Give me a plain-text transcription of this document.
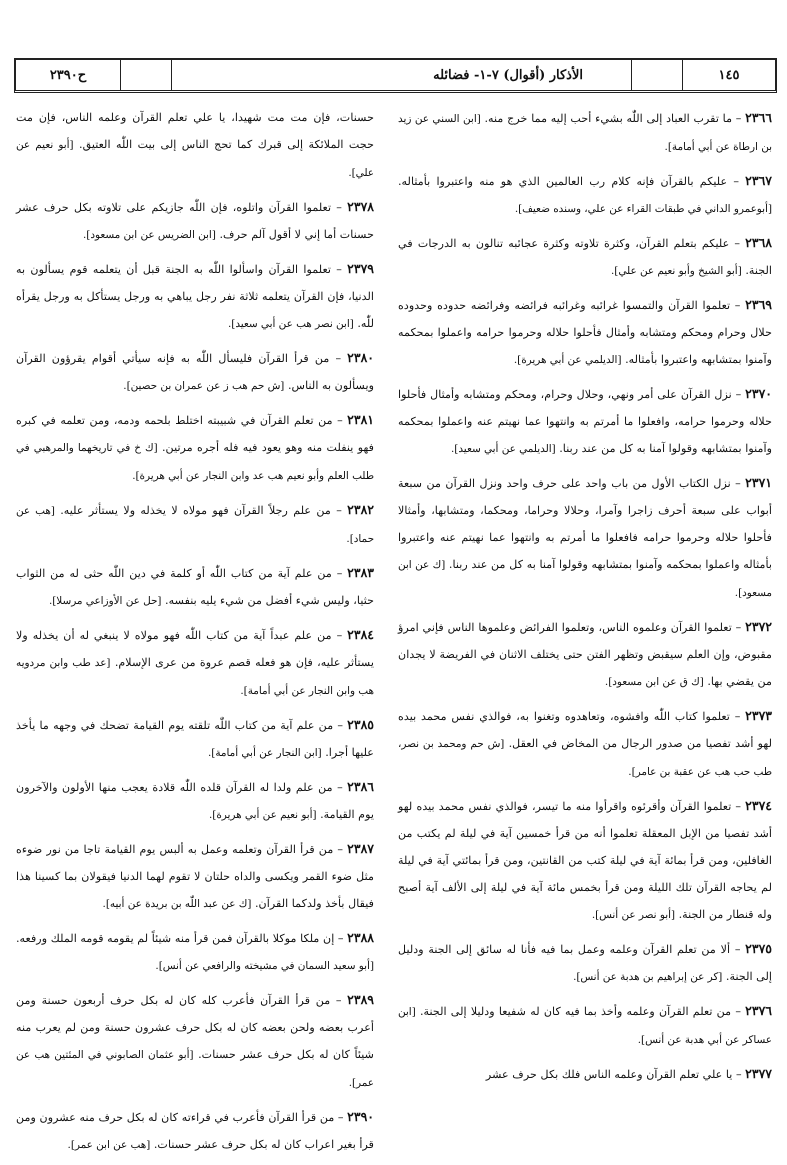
١٤٥
الأذكار (أقوال) ٧-١- فضائله
ح٢٣٩٠
٢٣٦٦ – ما تقرب العباد إلى اللّٰه بشيء أحب إليه مما خرج منه. [ابن السني عن زيد بن ارطاة عن أبي أمامة].
٢٣٦٧ – عليكم بالقرآن فإنه كلام رب العالمين الذي هو منه واعتبروا بأمثاله. [أبوعمرو الداني في طبقات القراء عن علي، وسنده ضعيف].
٢٣٦٨ – عليكم بتعلم القرآن، وكثرة تلاوته وكثرة عجائبه تنالون به الدرجات في الجنة. [أبو الشيخ وأبو نعيم عن علي].
٢٣٦٩ – تعلموا القرآن والتمسوا غرائبه وغرائبه فرائضه وفرائضه حدوده وحدوده حلال وحرام ومحكم ومتشابه وأمثال فأحلوا حلاله وحرموا حرامه واعملوا بمحكمه وآمنوا بمتشابهه واعتبروا بأمثاله. [الديلمي عن أبي هريرة].
٢٣٧٠ – نزل القرآن على أمر ونهي، وحلال وحرام، ومحكم ومتشابه وأمثال فأحلوا حلاله وحرموا حرامه، وافعلوا ما أمرتم به وانتهوا عما نهيتم عنه واعملوا بمحكمه وآمنوا بمتشابهه وقولوا آمنا به كل من عند ربنا. [الديلمي عن أبي سعيد].
٢٣٧١ – نزل الكتاب الأول من باب واحد على حرف واحد ونزل القرآن من سبعة أبواب على سبعة أحرف زاجرا وآمرا، وحلالا وحراما، ومحكما، ومتشابها، وأمثالا فأحلوا حلاله وحرموا حرامه فافعلوا ما أمرتم به وانتهوا عما نهيتم عنه واعتبروا بأمثاله واعملوا بمحكمه وآمنوا بمتشابهه وقولوا آمنا به كل من عند ربنا. [ك عن ابن مسعود].
٢٣٧٢ – تعلموا القرآن وعلموه الناس، وتعلموا الفرائض وعلموها الناس فإني امرؤ مقبوض، وإن العلم سيقبض وتظهر الفتن حتى يختلف الاثنان في الفريضة لا يجدان من يقضي بها. [ك ق عن ابن مسعود].
٢٣٧٣ – تعلموا كتاب اللّٰه وافشوه، وتعاهدوه وتغنوا به، فوالذي نفس محمد بيده لهو أشد تفصيا من صدور الرجال من المخاض في العقل. [ش حم ومحمد بن نصر، طب حب هب عن عقبة بن عامر].
٢٣٧٤ – تعلموا القرآن وأقرئوه واقرأوا منه ما تيسر، فوالذي نفس محمد بيده لهو أشد تفصيا من الإبل المعقلة تعلموا أنه من قرأ خمسين آية في ليلة لم يكتب من الغافلين، ومن قرأ بمائة آية في ليلة كتب من القانتين، ومن قرأ بمائتي آية في ليلة لم يحاجه القرآن تلك الليلة ومن قرأ بخمس مائة آية في ليلة إلى الألف آية أصبح وله قنطار من الجنة. [أبو نصر عن أنس].
٢٣٧٥ – ألا من تعلم القرآن وعلمه وعمل بما فيه فأنا له سائق إلى الجنة ودليل إلى الجنة. [كر عن إبراهيم بن هدبة عن أنس].
٢٣٧٦ – من تعلم القرآن وعلمه وأخذ بما فيه كان له شفيعا ودليلا إلى الجنة. [ابن عساكر عن أبي هدبة عن أنس].
٢٣٧٧ – يا علي تعلم القرآن وعلمه الناس فلك بكل حرف عشر
حسنات، فإن مت مت شهيدا، يا علي تعلم القرآن وعلمه الناس، فإن مت حجت الملائكة إلى قبرك كما تحج الناس إلى بيت اللّٰه العتيق. [أبو نعيم عن علي].
٢٣٧٨ – تعلموا القرآن واتلوه، فإن اللّٰه جازيكم على تلاوته بكل حرف عشر حسنات أما إني لا أقول آلم حرف. [ابن الضريس عن ابن مسعود].
٢٣٧٩ – تعلموا القرآن واسألوا اللّٰه به الجنة قبل أن يتعلمه قوم يسألون به الدنيا، فإن القرآن يتعلمه ثلاثة نفر رجل يباهي به ورجل يستأكل به ورجل يقرأه للّٰه. [ابن نصر هب عن أبي سعيد].
٢٣٨٠ – من قرأ القرآن فليسأل اللّٰه به فإنه سيأتي أقوام يقرؤون القرآن ويسألون به الناس. [ش حم هب ز عن عمران بن حصين].
٢٣٨١ – من تعلم القرآن في شبيبته اختلط بلحمه ودمه، ومن تعلمه في كبره فهو ينفلت منه وهو يعود فيه فله أجره مرتين. [ك خ في تاريخهما والمرهبي في طلب العلم وأبو نعيم هب عد وابن النجار عن أبي هريرة].
٢٣٨٢ – من علم رجلاً القرآن فهو مولاه لا يخذله ولا يستأثر عليه. [هب عن حماد].
٢٣٨٣ – من علم آية من كتاب اللّٰه أو كلمة في دين اللّٰه حثى له من الثواب حثيا، وليس شيء أفضل من شيء يليه بنفسه. [حل عن الأوزاعي مرسلا].
٢٣٨٤ – من علم عبداً آية من كتاب اللّٰه فهو مولاه لا ينبغي له أن يخذله ولا يستأثر عليه، فإن هو فعله قصم عروة من عرى الإسلام. [عد طب وابن مردويه هب وابن النجار عن أبي أمامة].
٢٣٨٥ – من علم آية من كتاب اللّٰه تلقته يوم القيامة تضحك في وجهه ما يأخذ عليها أجرا. [ابن النجار عن أبي أمامة].
٢٣٨٦ – من علم ولدا له القرآن قلده اللّٰه قلادة يعجب منها الأولون والآخرون يوم القيامة. [أبو نعيم عن أبي هريرة].
٢٣٨٧ – من قرأ القرآن وتعلمه وعمل به ألبس يوم القيامة تاجا من نور ضوءه مثل ضوء القمر ويكسى والداه حلتان لا تقوم لهما الدنيا فيقولان بما كسينا هذا فيقال بأخذ ولدكما القرآن. [ك عن عبد اللّٰه بن بريدة عن أبيه].
٢٣٨٨ – إن ملكا موكلا بالقرآن فمن قرأ منه شيئاً لم يقومه قومه الملك ورفعه. [أبو سعيد السمان في مشيخته والرافعي عن أنس].
٢٣٨٩ – من قرأ القرآن فأعرب كله كان له بكل حرف أربعون حسنة ومن أعرب بعضه ولحن بعضه كان له بكل حرف عشرون حسنة ومن لم يعرب منه شيئاً كان له بكل حرف عشر حسنات. [أبو عثمان الصابوني في المئتين هب عن عمر].
٢٣٩٠ – من قرأ القرآن فأعرب في قراءته كان له بكل حرف منه عشرون ومن قرأ بغير اعراب كان له بكل حرف عشر حسنات. [هب عن ابن عمر].
